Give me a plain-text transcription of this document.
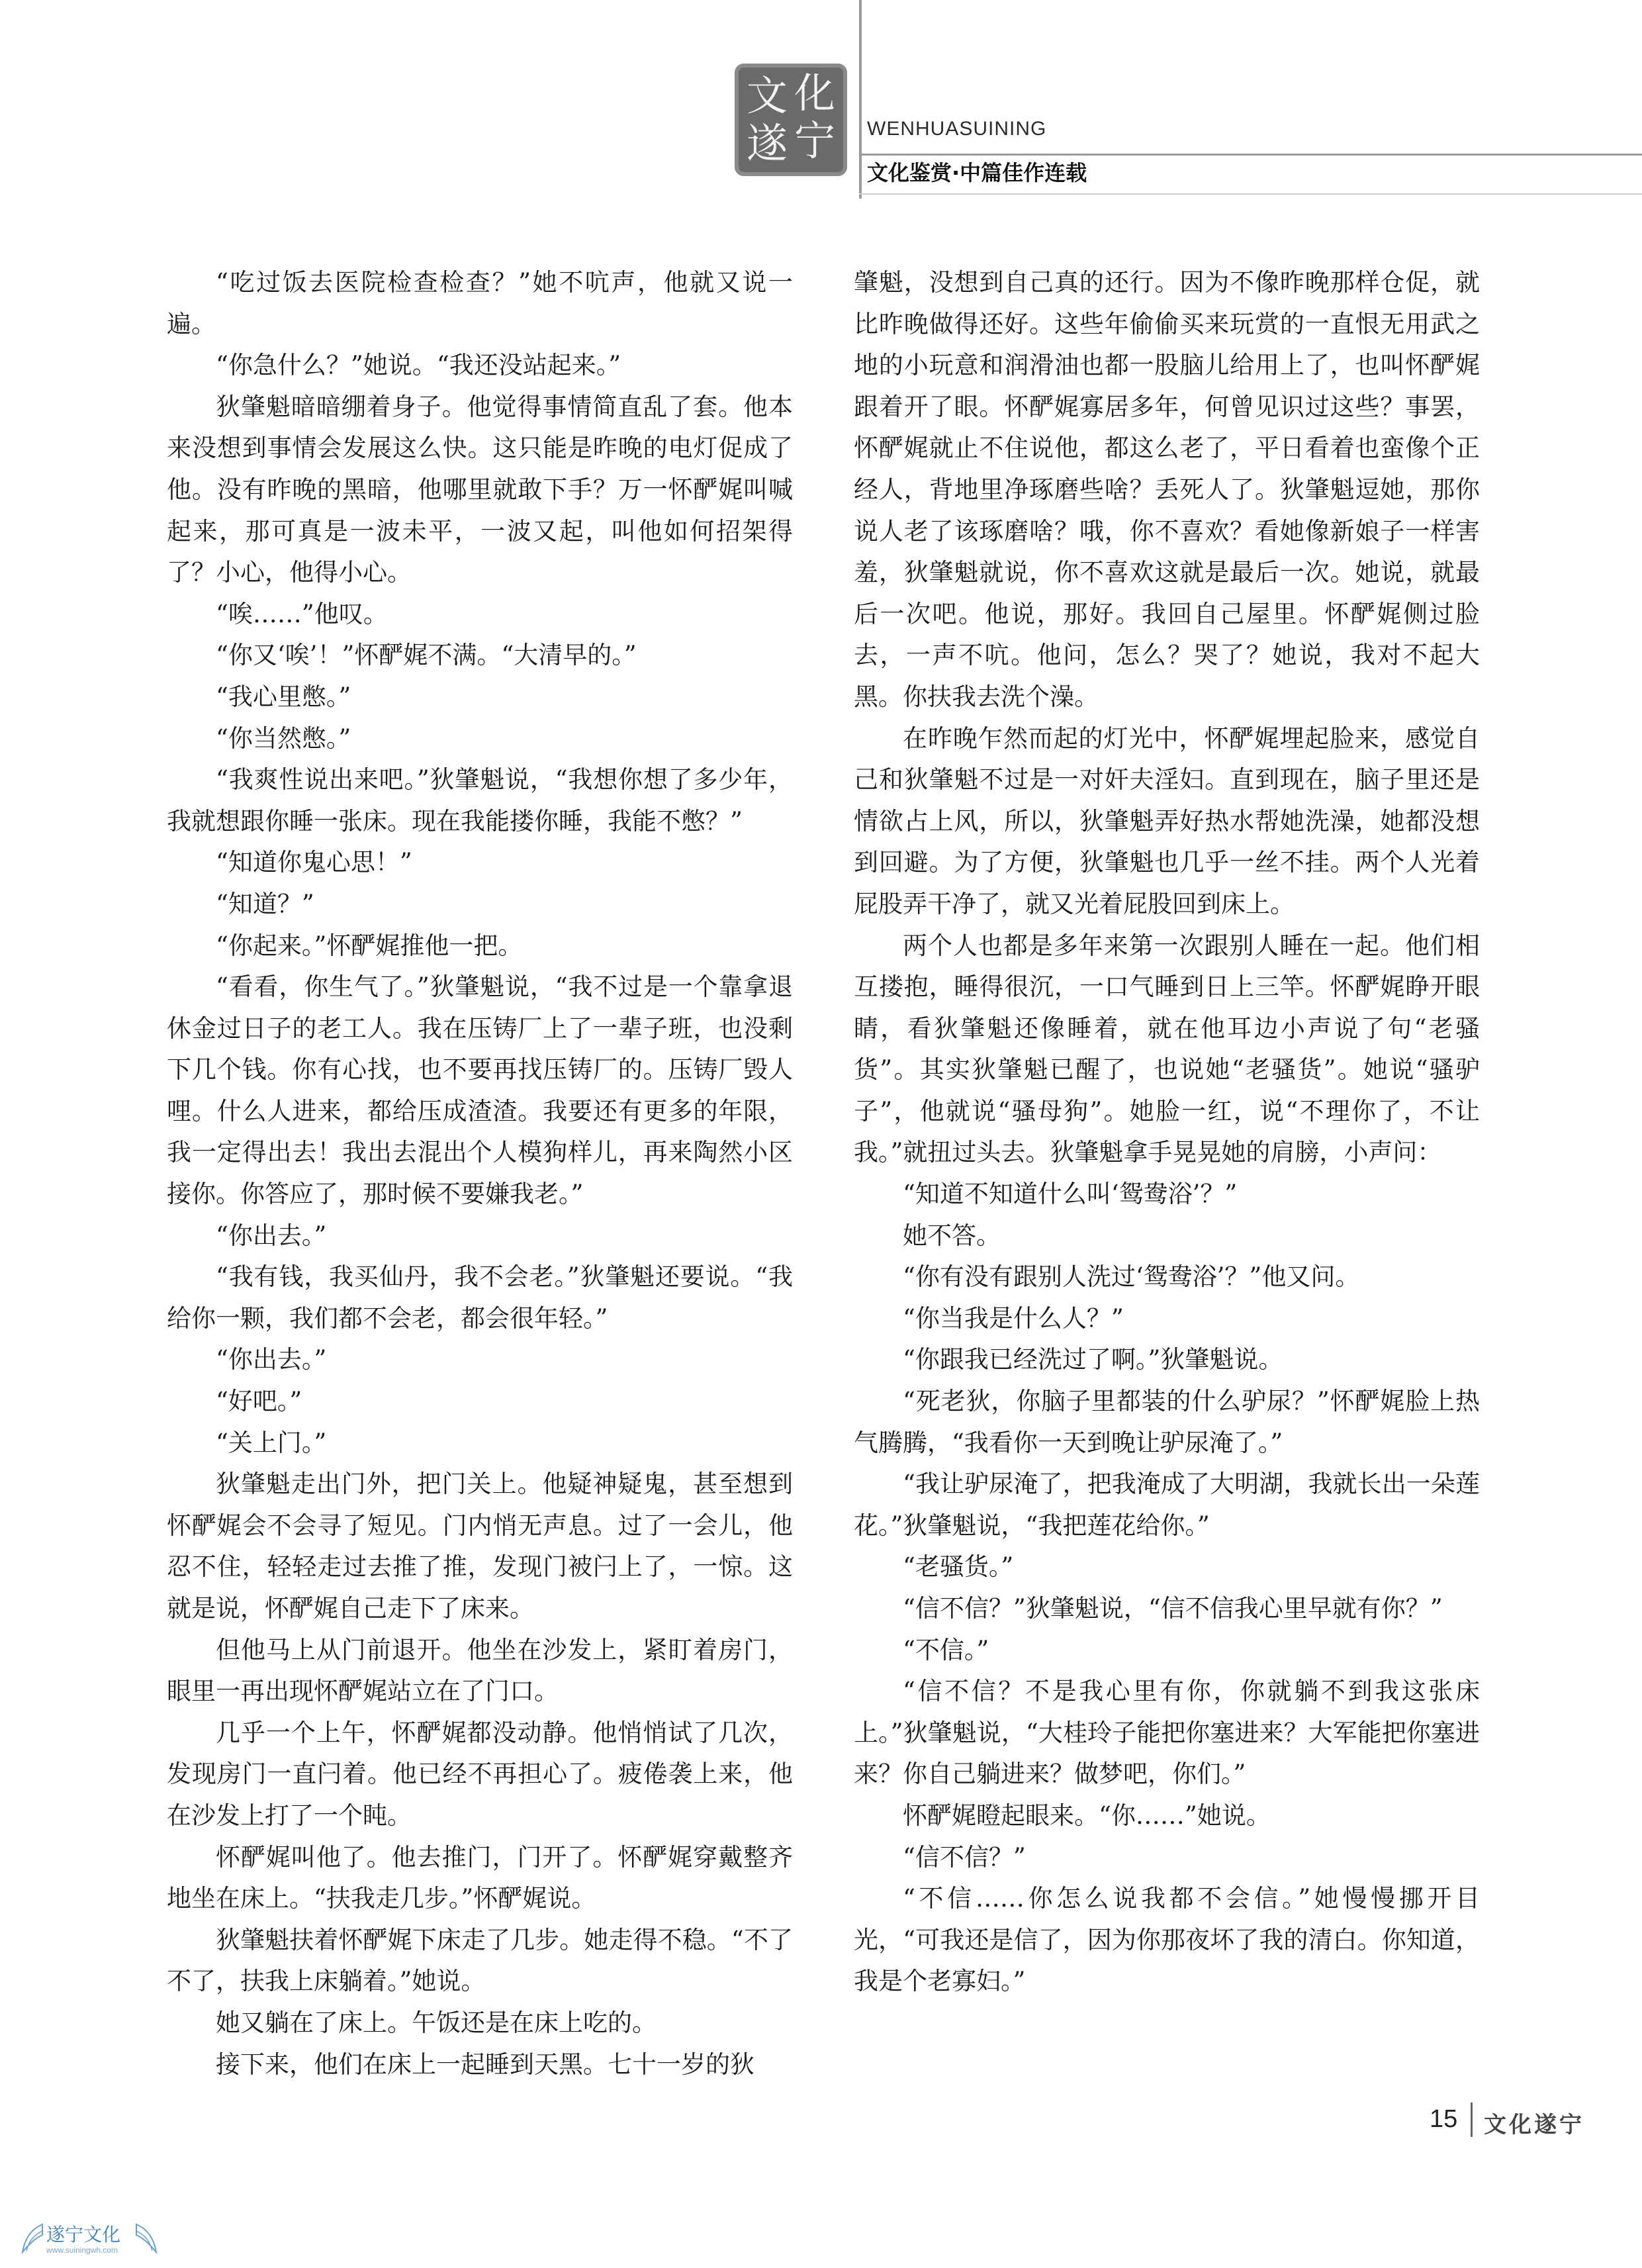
文 化
遂 宁 WENHUASUINING
文化鉴赏·中篇佳作连载

“吃过饭去医院检查检查？”她不吭声，他就又说一遍。

“你急什么？”她说。“我还没站起来。”

狄肇魁暗暗绷着身子。他觉得事情简直乱了套。他本来没想到事情会发展这么快。这只能是昨晚的电灯促成了他。没有昨晚的黑暗，他哪里就敢下手？万一怀酽娓叫喊起来，那可真是一波未平，一波又起，叫他如何招架得了？小心，他得小心。

“唉……”他叹。

“你又‘唉’！”怀酽娓不满。“大清早的。”

“我心里憋。”

“你当然憋。”

“我爽性说出来吧。”狄肇魁说，“我想你想了多少年，我就想跟你睡一张床。现在我能搂你睡，我能不憋？”

“知道你鬼心思！”

“知道？”

“你起来。”怀酽娓推他一把。

“看看，你生气了。”狄肇魁说，“我不过是一个靠拿退休金过日子的老工人。我在压铸厂上了一辈子班，也没剩下几个钱。你有心找，也不要再找压铸厂的。压铸厂毁人哩。什么人进来，都给压成渣渣。我要还有更多的年限，我一定得出去！我出去混出个人模狗样儿，再来陶然小区接你。你答应了，那时候不要嫌我老。”

“你出去。”

“我有钱，我买仙丹，我不会老。”狄肇魁还要说。“我给你一颗，我们都不会老，都会很年轻。”

“你出去。”

“好吧。”

“关上门。”

狄肇魁走出门外，把门关上。他疑神疑鬼，甚至想到怀酽娓会不会寻了短见。门内悄无声息。过了一会儿，他忍不住，轻轻走过去推了推，发现门被闩上了，一惊。这就是说，怀酽娓自己走下了床来。

但他马上从门前退开。他坐在沙发上，紧盯着房门，眼里一再出现怀酽娓站立在了门口。

几乎一个上午，怀酽娓都没动静。他悄悄试了几次，发现房门一直闩着。他已经不再担心了。疲倦袭上来，他在沙发上打了一个盹。

怀酽娓叫他了。他去推门，门开了。怀酽娓穿戴整齐地坐在床上。“扶我走几步。”怀酽娓说。

狄肇魁扶着怀酽娓下床走了几步。她走得不稳。“不了不了，扶我上床躺着。”她说。

她又躺在了床上。午饭还是在床上吃的。

接下来，他们在床上一起睡到天黑。七十一岁的狄

肇魁，没想到自己真的还行。因为不像昨晚那样仓促，就比昨晚做得还好。这些年偷偷买来玩赏的一直恨无用武之地的小玩意和润滑油也都一股脑儿给用上了，也叫怀酽娓跟着开了眼。怀酽娓寡居多年，何曾见识过这些？事罢，怀酽娓就止不住说他，都这么老了，平日看着也蛮像个正经人，背地里净琢磨些啥？丢死人了。狄肇魁逗她，那你说人老了该琢磨啥？哦，你不喜欢？看她像新娘子一样害羞，狄肇魁就说，你不喜欢这就是最后一次。她说，就最后一次吧。他说，那好。我回自己屋里。怀酽娓侧过脸去，一声不吭。他问，怎么？哭了？她说，我对不起大黑。你扶我去洗个澡。

在昨晚乍然而起的灯光中，怀酽娓埋起脸来，感觉自己和狄肇魁不过是一对奸夫淫妇。直到现在，脑子里还是情欲占上风，所以，狄肇魁弄好热水帮她洗澡，她都没想到回避。为了方便，狄肇魁也几乎一丝不挂。两个人光着屁股弄干净了，就又光着屁股回到床上。

两个人也都是多年来第一次跟别人睡在一起。他们相互搂抱，睡得很沉，一口气睡到日上三竿。怀酽娓睁开眼睛，看狄肇魁还像睡着，就在他耳边小声说了句“老骚货”。其实狄肇魁已醒了，也说她“老骚货”。她说“骚驴子”，他就说“骚母狗”。她脸一红，说“不理你了，不让我。”就扭过头去。狄肇魁拿手晃晃她的肩膀，小声问：

“知道不知道什么叫‘鸳鸯浴’？”

她不答。

“你有没有跟别人洗过‘鸳鸯浴’？”他又问。

“你当我是什么人？”

“你跟我已经洗过了啊。”狄肇魁说。

“死老狄，你脑子里都装的什么驴尿？”怀酽娓脸上热气腾腾，“我看你一天到晚让驴尿淹了。”

“我让驴尿淹了，把我淹成了大明湖，我就长出一朵莲花。”狄肇魁说，“我把莲花给你。”

“老骚货。”

“信不信？”狄肇魁说，“信不信我心里早就有你？”

“不信。”

“信不信？不是我心里有你，你就躺不到我这张床上。”狄肇魁说，“大桂玲子能把你塞进来？大军能把你塞进来？你自己躺进来？做梦吧，你们。”

怀酽娓瞪起眼来。“你……”她说。

“信不信？”

“不信……你怎么说我都不会信。”她慢慢挪开目光，“可我还是信了，因为你那夜坏了我的清白。你知道，我是个老寡妇。”

15 文化遂宁
遂宁文化
www.suiningwh.com
